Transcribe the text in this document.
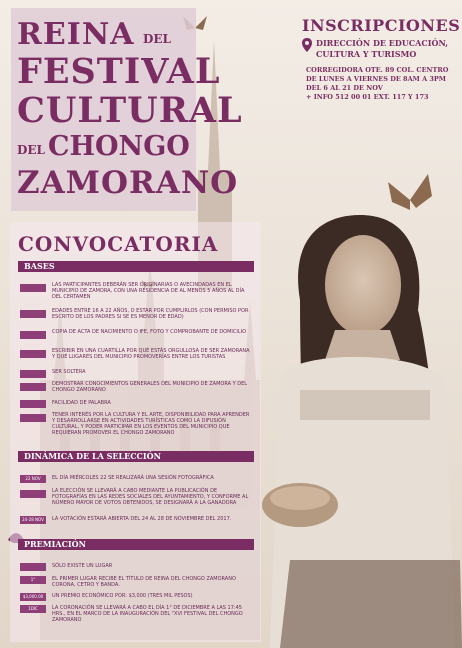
REINA DEL
FESTIVAL
CULTURAL
DEL CHONGO
ZAMORANO
INSCRIPCIONES
DIRECCIÓN DE EDUCACIÓN, CULTURA Y TURISMO
CORREGIDORA OTE. 89 COL. CENTRO
DE LUNES A VIERNES DE 8AM A 3PM
DEL 6 AL 21 DE NOV
+ INFO 512 00 01 EXT. 117 Y 173
CONVOCATORIA
BASES
LAS PARTICIPANTES DEBERÁN SER ORIGINARIAS O AVECINDADAS EN EL MUNICIPIO DE ZAMORA, CON UNA RESIDENCIA DE AL MENOS 5 AÑOS AL DÍA DEL CERTAMEN
EDADES ENTRE 16 A 22 AÑOS, O ESTAR POR CUMPLIRLOS (CON PERMISO POR ESCRITO DE LOS PADRES SI SE ES MENOR DE EDAD)
COPIA DE ACTA DE NACIMIENTO O IFE, FOTO Y COMPROBANTE DE DOMICILIO
ESCRIBIR EN UNA CUARTILLA POR QUÉ ESTÁS ORGULLOSA DE SER ZAMORANA Y QUÉ LUGARES DEL MUNICIPIO PROMOVERÍAS ENTRE LOS TURISTAS
SER SOLTERA
DEMOSTRAR CONOCIMIENTOS GENERALES DEL MUNICIPIO DE ZAMORA Y DEL CHONGO ZAMORANO
FACILIDAD DE PALABRA
TENER INTERÉS POR LA CULTURA Y EL ARTE, DISPONIBILIDAD PARA APRENDER Y DESARROLLARSE EN ACTIVIDADES TURÍSTICAS COMO LA DIFUSIÓN CULTURAL, Y PODER PARTICIPAR EN LOS EVENTOS DEL MUNICIPIO QUE REQUIERAN PROMOVER EL CHONGO ZAMORANO
DINÁMICA DE LA SELECCIÓN
22 NOV	EL DÍA MIÉRCOLES 22 SE REALIZARÁ UNA SESIÓN FOTOGRÁFICA
LA ELECCIÓN SE LLEVARÁ A CABO MEDIANTE LA PUBLICACIÓN DE FOTOGRAFÍAS EN LAS REDES SOCIALES DEL AYUNTAMIENTO, Y CONFORME AL NÚMERO MAYOR DE VOTOS OBTENIDOS, SE DESIGNARÁ A LA GANADORA
24-28 NOV	LA VOTACIÓN ESTARÁ ABIERTA DEL 24 AL 28 DE NOVIEMBRE DEL 2017.
PREMIACIÓN
SÓLO EXISTE UN LUGAR
1°	EL PRIMER LUGAR RECIBE EL TÍTULO DE REINA DEL CHONGO ZAMORANO CORONA, CETRO Y BANDA.
$3,000.00	UN PREMIO ECONÓMICO POR: $3,000 (TRES MIL PESOS)
1DIC	LA CORONACIÓN SE LLEVARÁ A CABO EL DÍA 1° DE DICIEMBRE A LAS 17:45 HRS., EN EL MARCO DE LA INAUGURACIÓN DEL "XVI FESTIVAL DEL CHONGO ZAMORANO
